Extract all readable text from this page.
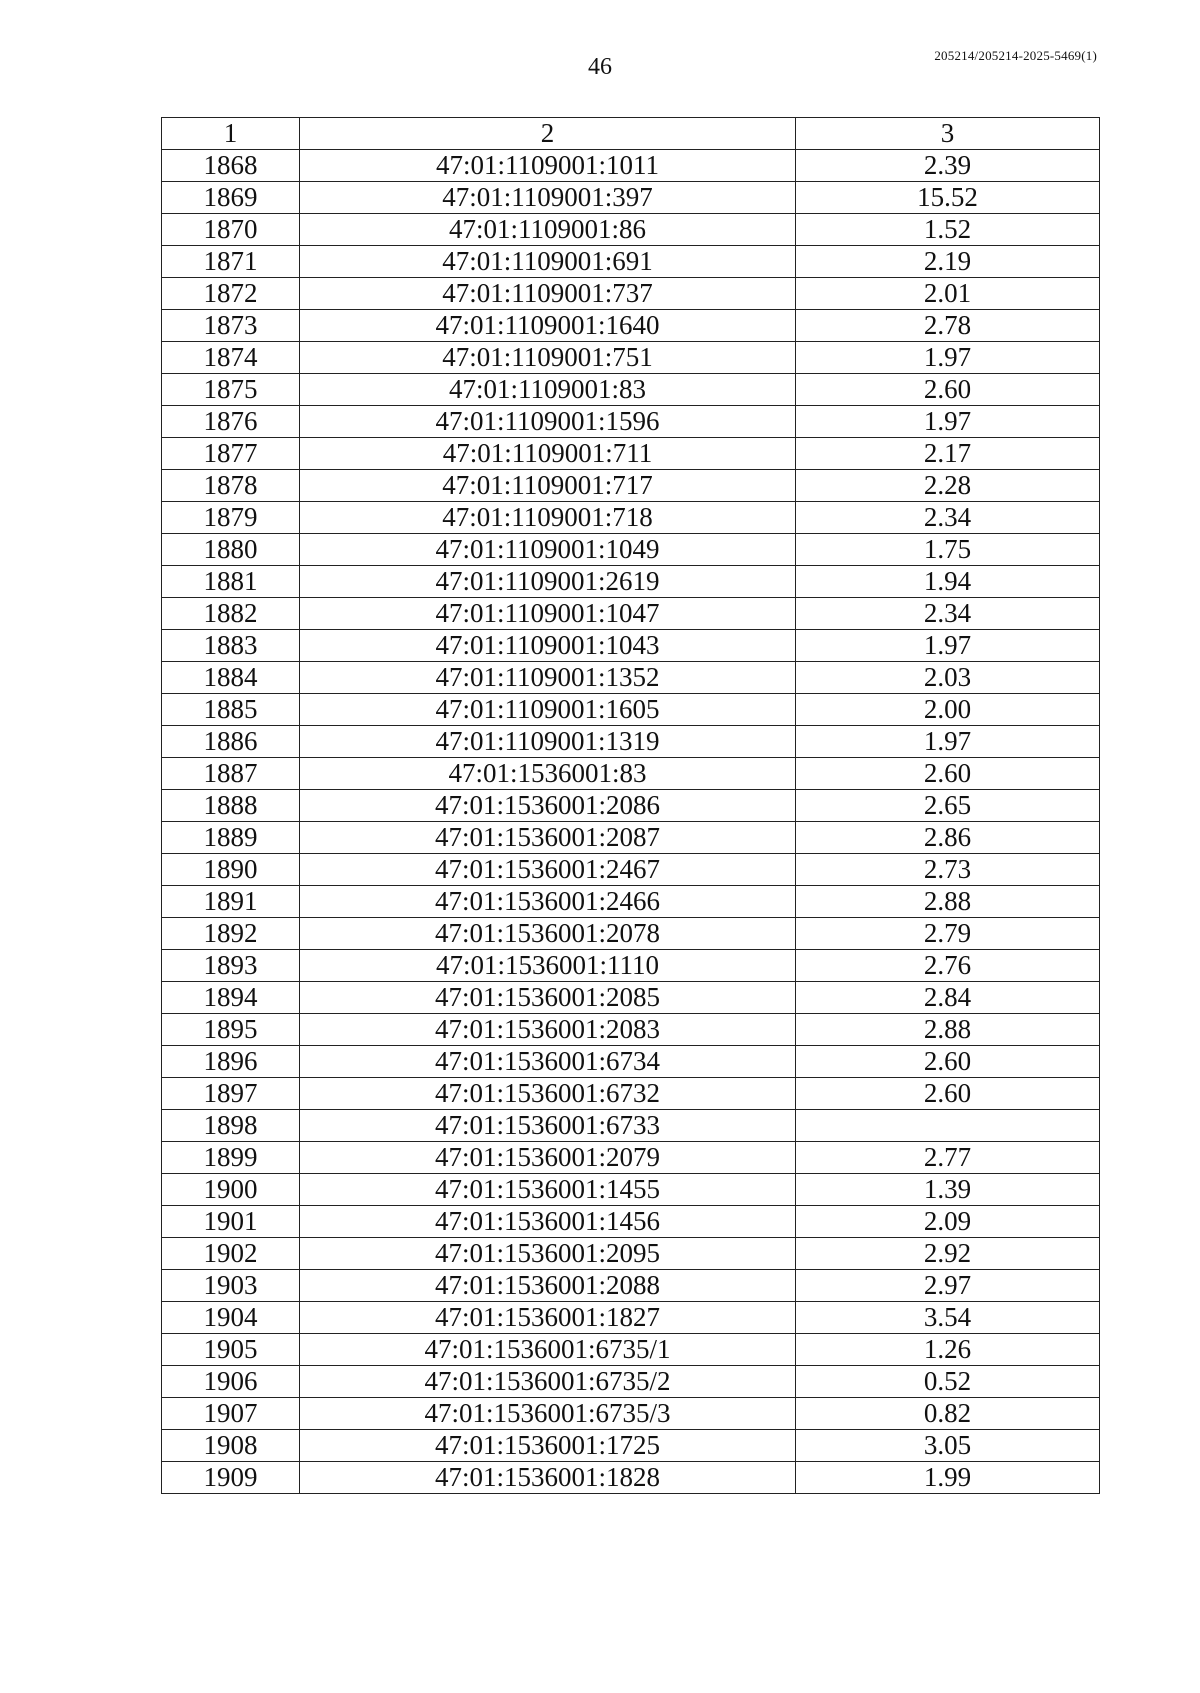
46	205214/205214-2025-5469(1)
1	2	3
1868	47:01:1109001:1011	2.39
1869	47:01:1109001:397	15.52
1870	47:01:1109001:86	1.52
1871	47:01:1109001:691	2.19
1872	47:01:1109001:737	2.01
1873	47:01:1109001:1640	2.78
1874	47:01:1109001:751	1.97
1875	47:01:1109001:83	2.60
1876	47:01:1109001:1596	1.97
1877	47:01:1109001:711	2.17
1878	47:01:1109001:717	2.28
1879	47:01:1109001:718	2.34
1880	47:01:1109001:1049	1.75
1881	47:01:1109001:2619	1.94
1882	47:01:1109001:1047	2.34
1883	47:01:1109001:1043	1.97
1884	47:01:1109001:1352	2.03
1885	47:01:1109001:1605	2.00
1886	47:01:1109001:1319	1.97
1887	47:01:1536001:83	2.60
1888	47:01:1536001:2086	2.65
1889	47:01:1536001:2087	2.86
1890	47:01:1536001:2467	2.73
1891	47:01:1536001:2466	2.88
1892	47:01:1536001:2078	2.79
1893	47:01:1536001:1110	2.76
1894	47:01:1536001:2085	2.84
1895	47:01:1536001:2083	2.88
1896	47:01:1536001:6734	2.60
1897	47:01:1536001:6732	2.60
1898	47:01:1536001:6733	
1899	47:01:1536001:2079	2.77
1900	47:01:1536001:1455	1.39
1901	47:01:1536001:1456	2.09
1902	47:01:1536001:2095	2.92
1903	47:01:1536001:2088	2.97
1904	47:01:1536001:1827	3.54
1905	47:01:1536001:6735/1	1.26
1906	47:01:1536001:6735/2	0.52
1907	47:01:1536001:6735/3	0.82
1908	47:01:1536001:1725	3.05
1909	47:01:1536001:1828	1.99
